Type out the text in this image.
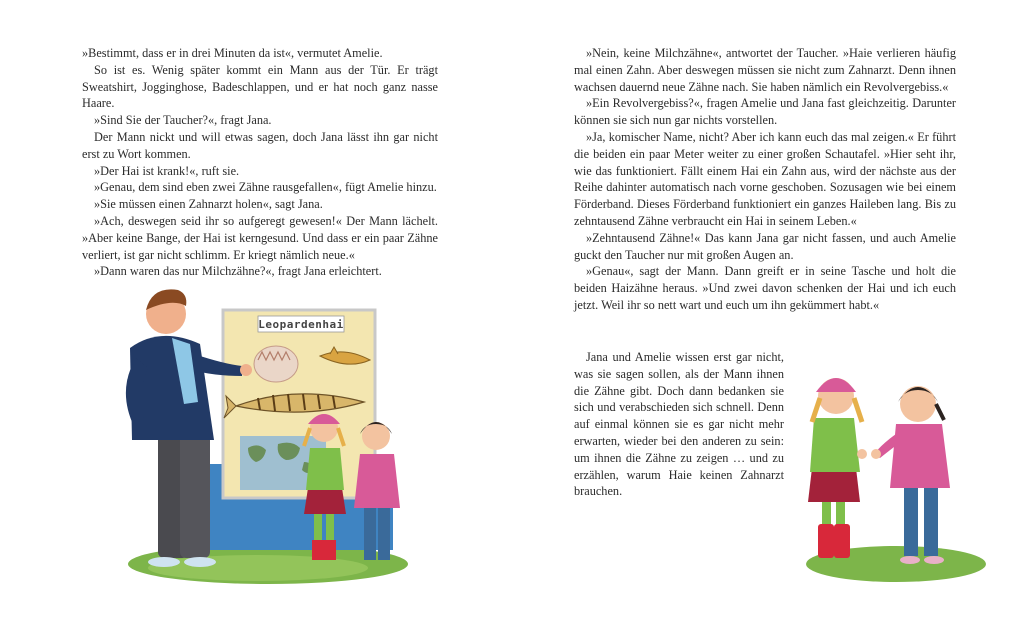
»Bestimmt, dass er in drei Minuten da ist«, vermutet Amelie.

So ist es. Wenig später kommt ein Mann aus der Tür. Er trägt Sweatshirt, Jogginghose, Badeschlappen, und er hat noch ganz nasse Haare.

»Sind Sie der Taucher?«, fragt Jana.

Der Mann nickt und will etwas sagen, doch Jana lässt ihn gar nicht erst zu Wort kommen.

»Der Hai ist krank!«, ruft sie.

»Genau, dem sind eben zwei Zähne rausgefallen«, fügt Amelie hinzu.

»Sie müssen einen Zahnarzt holen«, sagt Jana.

»Ach, deswegen seid ihr so aufgeregt gewesen!« Der Mann lächelt. »Aber keine Bange, der Hai ist kerngesund. Und dass er ein paar Zähne verliert, ist gar nicht schlimm. Er kriegt nämlich neue.«

»Dann waren das nur Milchzähne?«, fragt Jana erleichtert.

Leopardenhai

»Nein, keine Milchzähne«, antwortet der Taucher. »Haie verlieren häufig mal einen Zahn. Aber deswegen müssen sie nicht zum Zahnarzt. Denn ihnen wachsen dauernd neue Zähne nach. Sie haben nämlich ein Revolvergebiss.«

»Ein Revolvergebiss?«, fragen Amelie und Jana fast gleichzeitig. Darunter können sie sich nun gar nichts vorstellen.

»Ja, komischer Name, nicht? Aber ich kann euch das mal zeigen.« Er führt die beiden ein paar Meter weiter zu einer großen Schautafel. »Hier seht ihr, wie das funktioniert. Fällt einem Hai ein Zahn aus, wird der nächste aus der Reihe dahinter automatisch nach vorne geschoben. Sozusagen wie bei einem Förderband. Dieses Förderband funktioniert ein ganzes Haileben lang. Bis zu zehntausend Zähne verbraucht ein Hai in seinem Leben.«

»Zehntausend Zähne!« Das kann Jana gar nicht fassen, und auch Amelie guckt den Taucher nur mit großen Augen an.

»Genau«, sagt der Mann. Dann greift er in seine Tasche und holt die beiden Haizähne heraus. »Und zwei davon schenken der Hai und ich euch jetzt. Weil ihr so nett wart und euch um ihn gekümmert habt.«

Jana und Amelie wissen erst gar nicht, was sie sagen sollen, als der Mann ihnen die Zähne gibt. Doch dann bedanken sie sich und verabschieden sich schnell. Denn auf einmal können sie es gar nicht mehr erwarten, wieder bei den anderen zu sein: um ihnen die Zähne zu zeigen … und zu erzählen, warum Haie keinen Zahnarzt brauchen.
